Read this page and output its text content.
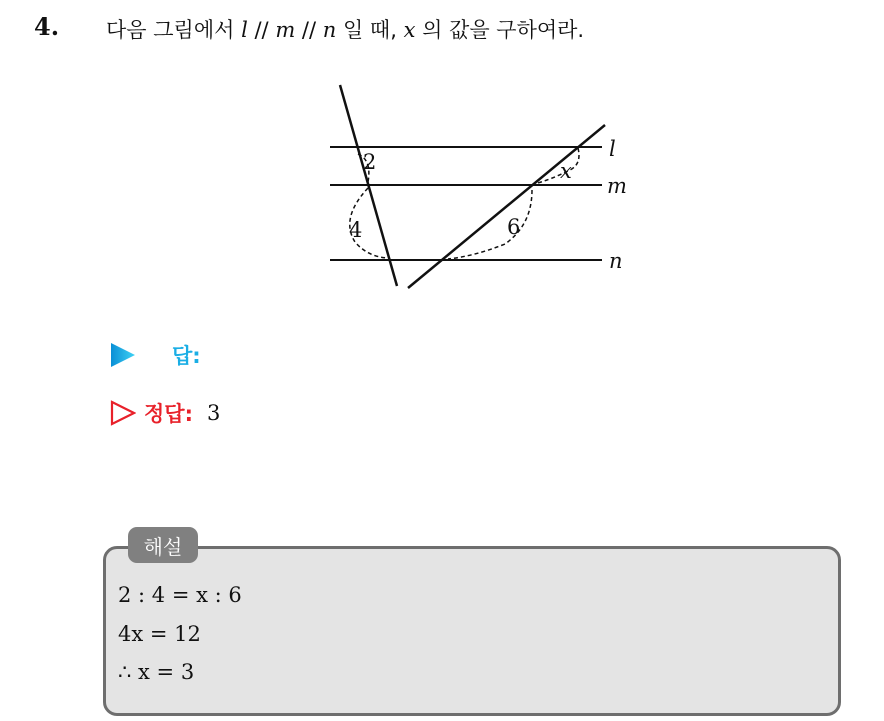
4. 다음 그림에서 l // m // n 일 때, x 의 값을 구하여라.
2
4
x
6
l
m
n
답:
정답: 3
해설
2 : 4 = x : 6
4x = 12
∴ x = 3
